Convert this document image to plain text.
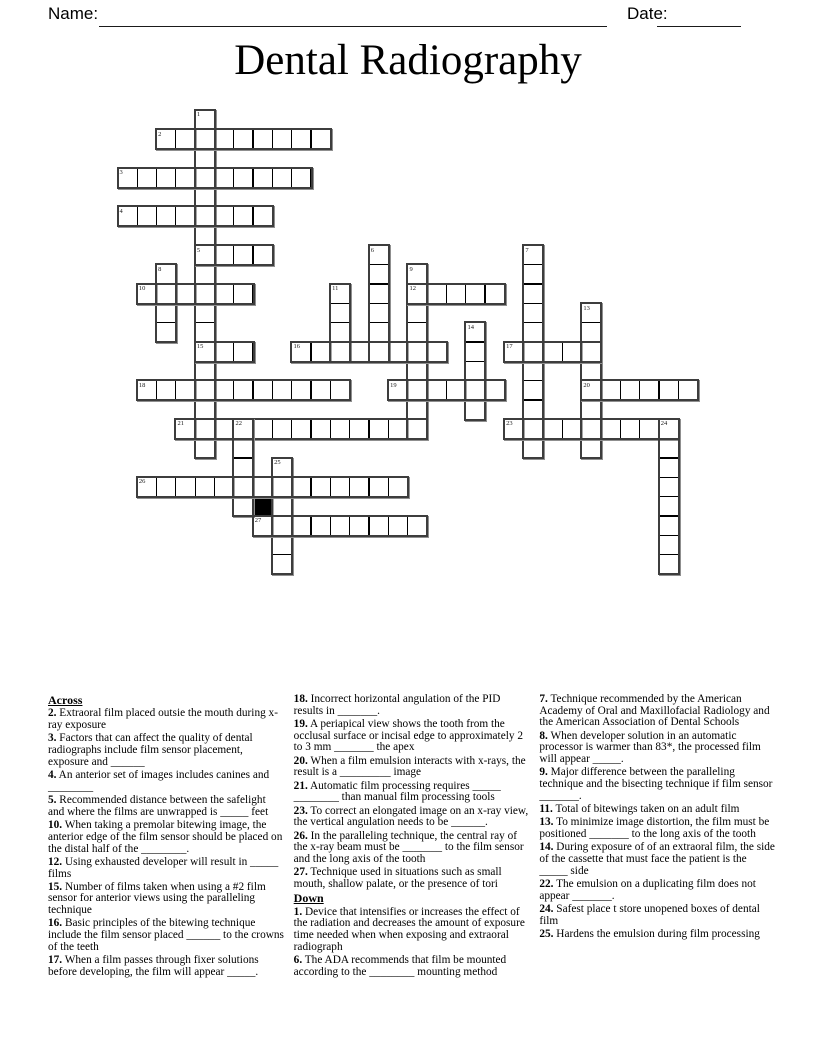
Name:	Date:
Dental Radiography
1
2
3
4
5	6	7
8	9
10	11	12
13
14
15	16	17
18	19	20
21	22	23	24
25
26
27
Across

2. Extraoral film placed outsie the mouth during x-ray exposure

3. Factors that can affect the quality of dental radiographs include film sensor placement, exposure and ______

4. An anterior set of images includes canines and ________

5. Recommended distance between the safelight and where the films are unwrapped is _____ feet

10. When taking a premolar bitewing image, the anterior edge of the film sensor should be placed on the distal half of the ________.

12. Using exhausted developer will result in _____ films

15. Number of films taken when using a #2 film sensor for anterior views using the paralleling technique

16. Basic principles of the bitewing technique include the film sensor placed ______ to the crowns of the teeth

17. When a film passes through fixer solutions before developing, the film will appear _____.

18. Incorrect horizontal angulation of the PID results in _______.

19. A periapical view shows the tooth from the occlusal surface or incisal edge to approximately 2 to 3 mm _______ the apex

20. When a film emulsion interacts with x-rays, the result is a _________ image

21. Automatic film processing requires _____ ________ than manual film processing tools

23. To correct an elongated image on an x-ray view, the vertical angulation needs to be ______.

26. In the paralleling technique, the central ray of the x-ray beam must be _______ to the film sensor and the long axis of the tooth

27. Technique used in situations such as small mouth, shallow palate, or the presence of tori

Down

1. Device that intensifies or increases the effect of the radiation and decreases the amount of exposure time needed when when exposing and extraoral radiograph

6. The ADA recommends that film be mounted according to the ________ mounting method

7. Technique recommended by the American Academy of Oral and Maxillofacial Radiology and the American Association of Dental Schools

8. When developer solution in an automatic processor is warmer than 83*, the processed film will appear _____.

9. Major difference between the paralleling technique and the bisecting technique if film sensor _______.

11. Total of bitewings taken on an adult film

13. To minimize image distortion, the film must be positioned _______ to the long axis of the tooth

14. During exposure of of an extraoral film, the side of the cassette that must face the patient is the _____ side

22. The emulsion on a duplicating film does not appear _______.

24. Safest place t store unopened boxes of dental film

25. Hardens the emulsion during film processing
